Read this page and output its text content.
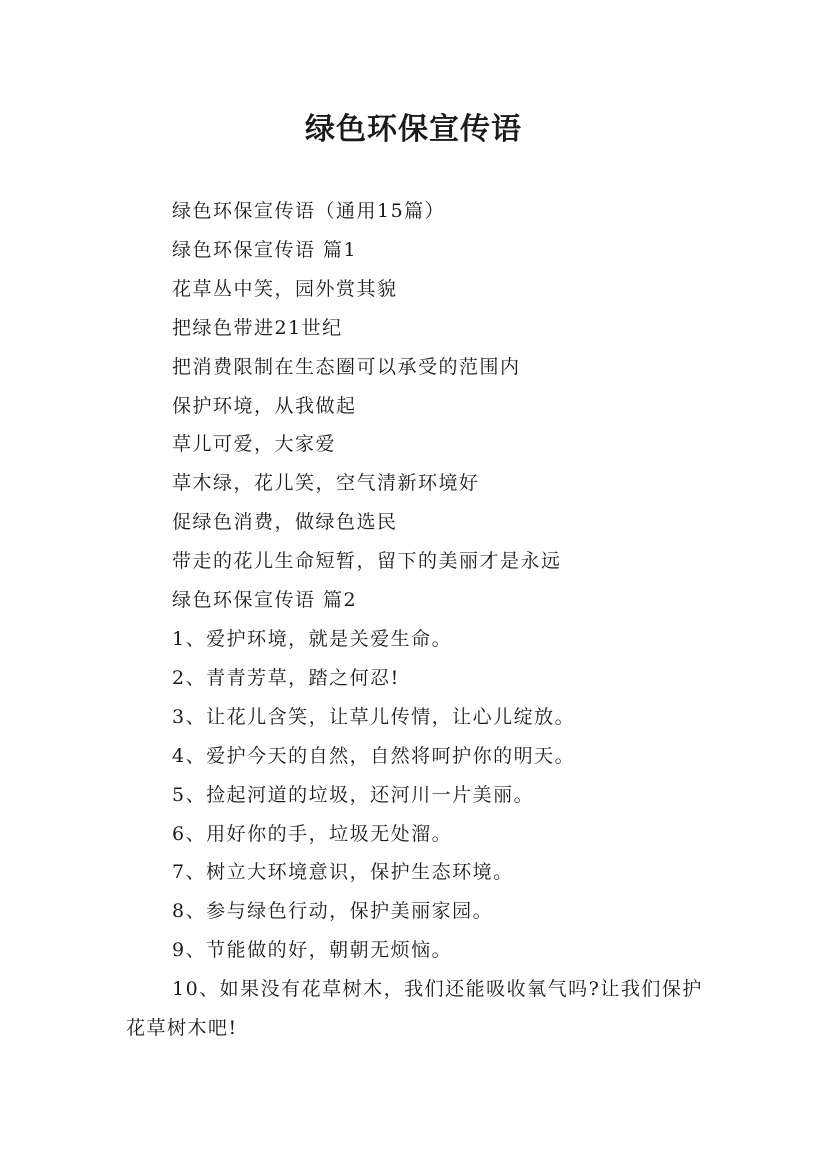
绿色环保宣传语

绿色环保宣传语（通用15篇）

绿色环保宣传语 篇1

花草丛中笑，园外赏其貌

把绿色带进21世纪

把消费限制在生态圈可以承受的范围内

保护环境，从我做起

草儿可爱，大家爱

草木绿，花儿笑，空气清新环境好

促绿色消费，做绿色选民

带走的花儿生命短暂，留下的美丽才是永远

绿色环保宣传语 篇2

1、爱护环境，就是关爱生命。

2、青青芳草，踏之何忍!

3、让花儿含笑，让草儿传情，让心儿绽放。

4、爱护今天的自然，自然将呵护你的明天。

5、捡起河道的垃圾，还河川一片美丽。

6、用好你的手，垃圾无处溜。

7、树立大环境意识，保护生态环境。

8、参与绿色行动，保护美丽家园。

9、节能做的好，朝朝无烦恼。

10、如果没有花草树木，我们还能吸收氧气吗?让我们保护花草树木吧!
